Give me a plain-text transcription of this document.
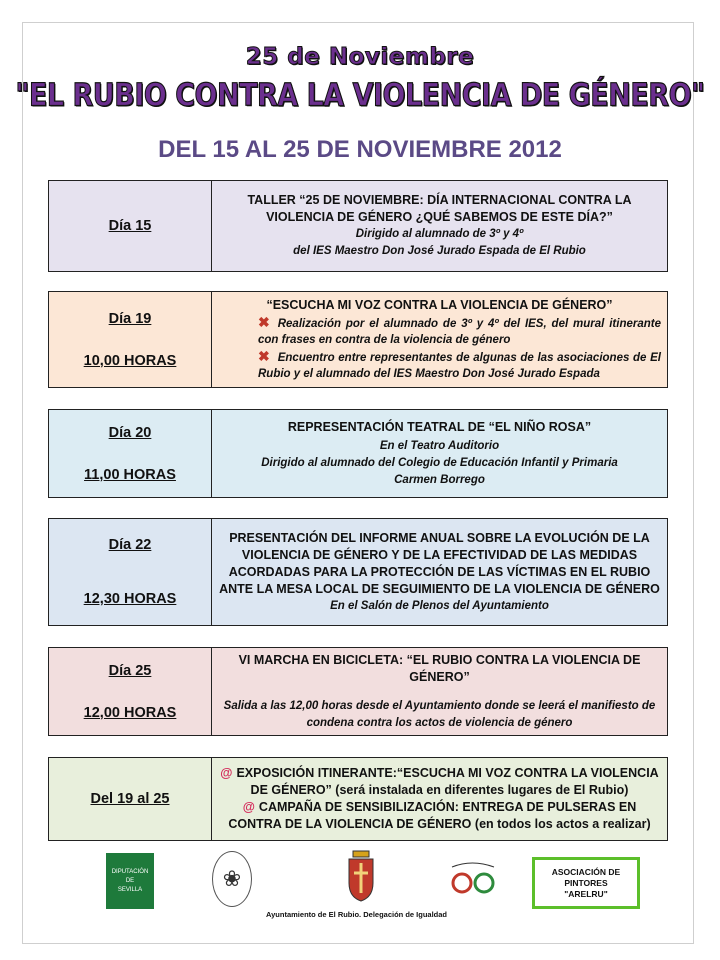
25 de Noviembre
"EL RUBIO CONTRA LA VIOLENCIA DE GÉNERO"
DEL 15 AL 25 DE NOVIEMBRE 2012
Día 15
TALLER “25 DE NOVIEMBRE: DÍA INTERNACIONAL CONTRA LA VIOLENCIA DE GÉNERO ¿QUÉ SABEMOS DE ESTE DÍA?”
Dirigido al alumnado de 3º y 4º
del IES Maestro Don José Jurado Espada de El Rubio
Día 19
10,00 HORAS
“ESCUCHA MI VOZ CONTRA LA VIOLENCIA DE GÉNERO”
✖ Realización por el alumnado de 3º y 4º del IES, del mural itinerante con frases en contra de la violencia de género
✖ Encuentro entre representantes de algunas de las asociaciones de El Rubio y el alumnado del IES Maestro Don José Jurado Espada
Día 20
11,00 HORAS
REPRESENTACIÓN TEATRAL DE “EL NIÑO ROSA”
En el Teatro Auditorio
Dirigido al alumnado del Colegio de Educación Infantil y Primaria
Carmen Borrego
Día 22
12,30 HORAS
PRESENTACIÓN DEL INFORME ANUAL SOBRE LA EVOLUCIÓN DE LA VIOLENCIA DE GÉNERO Y DE LA EFECTIVIDAD DE LAS MEDIDAS ACORDADAS PARA LA PROTECCIÓN DE LAS VÍCTIMAS EN EL RUBIO ANTE LA MESA LOCAL DE SEGUIMIENTO DE LA VIOLENCIA DE GÉNERO
En el Salón de Plenos del Ayuntamiento
Día 25
12,00 HORAS
VI MARCHA EN BICICLETA: “EL RUBIO CONTRA LA VIOLENCIA DE GÉNERO”
Salida a las 12,00 horas desde el Ayuntamiento donde se leerá el manifiesto de condena contra los actos de violencia de género
Del 19 al 25
@ EXPOSICIÓN ITINERANTE:“ESCUCHA MI VOZ CONTRA LA VIOLENCIA DE GÉNERO” (será instalada en diferentes lugares de El Rubio)
@ CAMPAÑA DE SENSIBILIZACIÓN: ENTREGA DE PULSERAS EN CONTRA DE LA VIOLENCIA DE GÉNERO (en todos los actos a realizar)
DIPUTACIÓN
DE
SEVILLA	❀	ASOCIACIÓN DE
PINTORES
"ARELRU"
Ayuntamiento de El Rubio. Delegación de Igualdad
